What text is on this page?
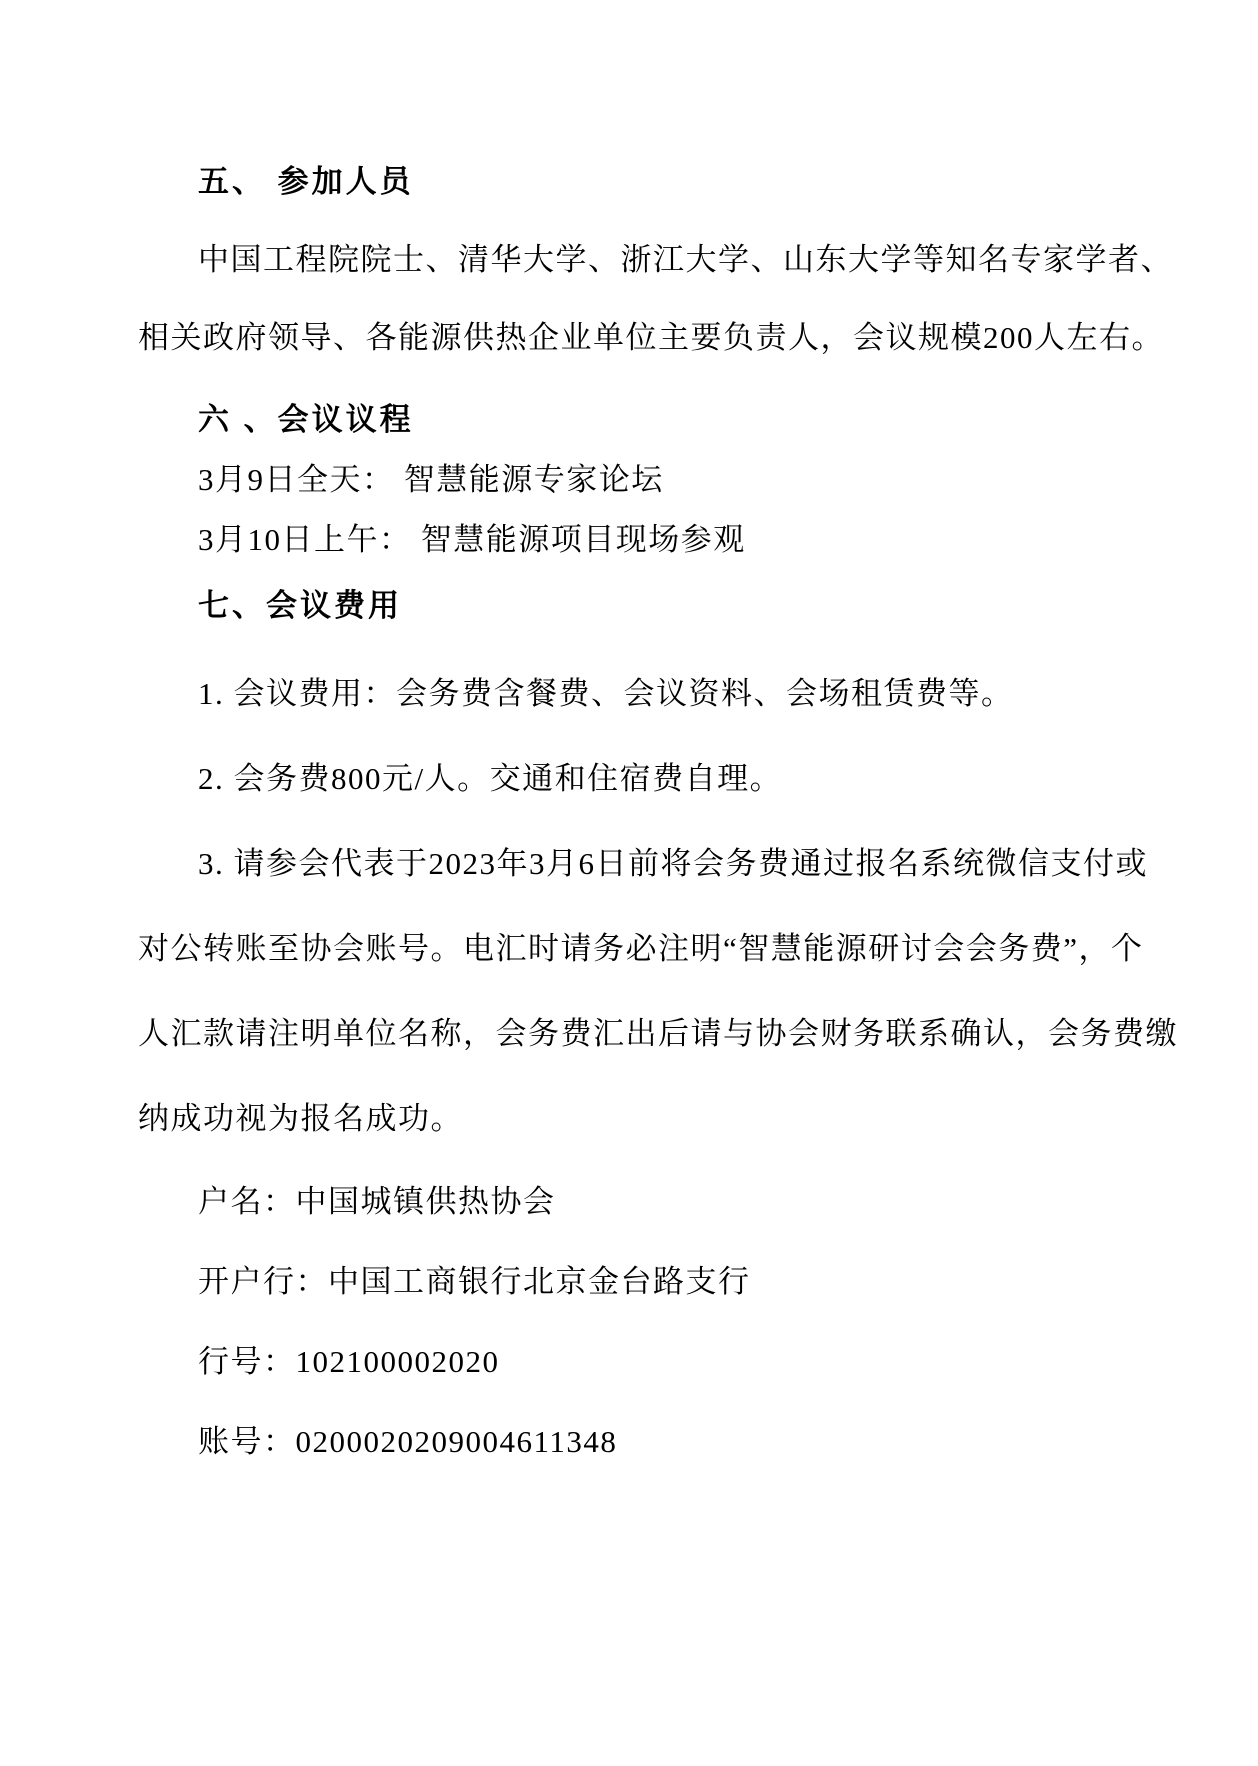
五、 参加人员
中国工程院院士、清华大学、浙江大学、山东大学等知名专家学者、
相关政府领导、各能源供热企业单位主要负责人，会议规模200人左右。
六 、会议议程
3月9日全天： 智慧能源专家论坛
3月10日上午： 智慧能源项目现场参观
七、会议费用
1. 会议费用：会务费含餐费、会议资料、会场租赁费等。
2. 会务费800元/人。交通和住宿费自理。
3. 请参会代表于2023年3月6日前将会务费通过报名系统微信支付或
对公转账至协会账号。电汇时请务必注明“智慧能源研讨会会务费”，个
人汇款请注明单位名称，会务费汇出后请与协会财务联系确认，会务费缴
纳成功视为报名成功。
户名：中国城镇供热协会
开户行：中国工商银行北京金台路支行
行号：102100002020
账号：0200020209004611348
